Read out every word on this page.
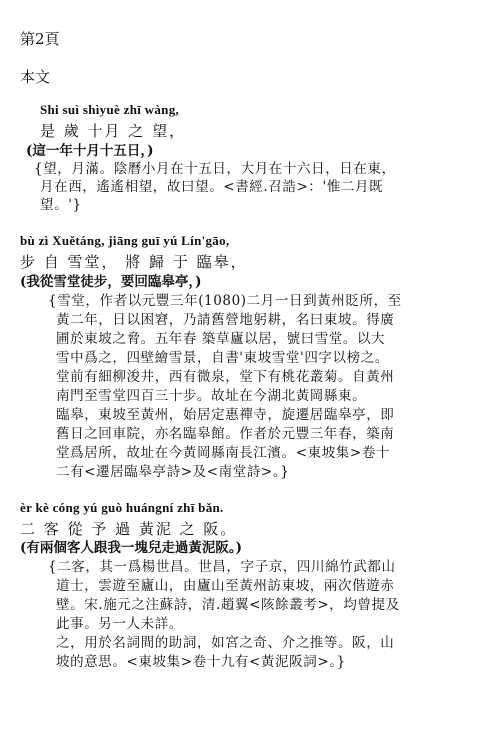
第2頁
本文
Shi suì shìyuè zhī wàng,
是 歲 十月 之 望，
(這一年十月十五日，)
{望，月滿。陰曆小月在十五日，大月在十六日，日在東，
月在西，遙遙相望，故曰望。<書經.召誥>：'惟二月既
望。'}
bù zì Xuětáng, jiāng guī yú Lín'gāo,
步 自 雪堂， 將 歸 于 臨皋，
(我從雪堂徒步，要回臨皋亭，)
{雪堂，作者以元豐三年(1080)二月一日到黃州貶所，至
黃二年，日以困窘，乃請舊營地躬耕，名曰東坡。得廣
圃於東坡之脅。五年春 築草廬以居，號曰雪堂。以大
雪中爲之，四壁繪雪景，自書'東坡雪堂'四字以榜之。
堂前有細柳浚井，西有微泉，堂下有桃花叢菊。自黃州
南門至雪堂四百三十步。故址在今湖北黃岡縣東。
臨皋，東坡至黃州，始居定惠禪寺，旋遷居臨皋亭，即
舊日之回車院，亦名臨皋館。作者於元豐三年春，築南
堂爲居所，故址在今黃岡縣南長江濱。<東坡集>卷十
二有<遷居臨皋亭詩>及<南堂詩>。}
èr kè cóng yú guò huángní zhī bǎn.
二 客 從 予 過 黃泥 之 阪。
(有兩個客人跟我一塊兒走過黃泥阪。)
{二客，其一爲楊世昌。世昌，字子京，四川綿竹武都山
道士，雲遊至廬山，由廬山至黃州訪東坡，兩次偕遊赤
壁。宋.施元之注蘇詩，清.趙翼<陔餘叢考>，均曾提及
此事。另一人未詳。
之，用於名詞間的助詞，如宮之奇、介之推等。阪，山
坡的意思。<東坡集>卷十九有<黃泥阪詞>。}
